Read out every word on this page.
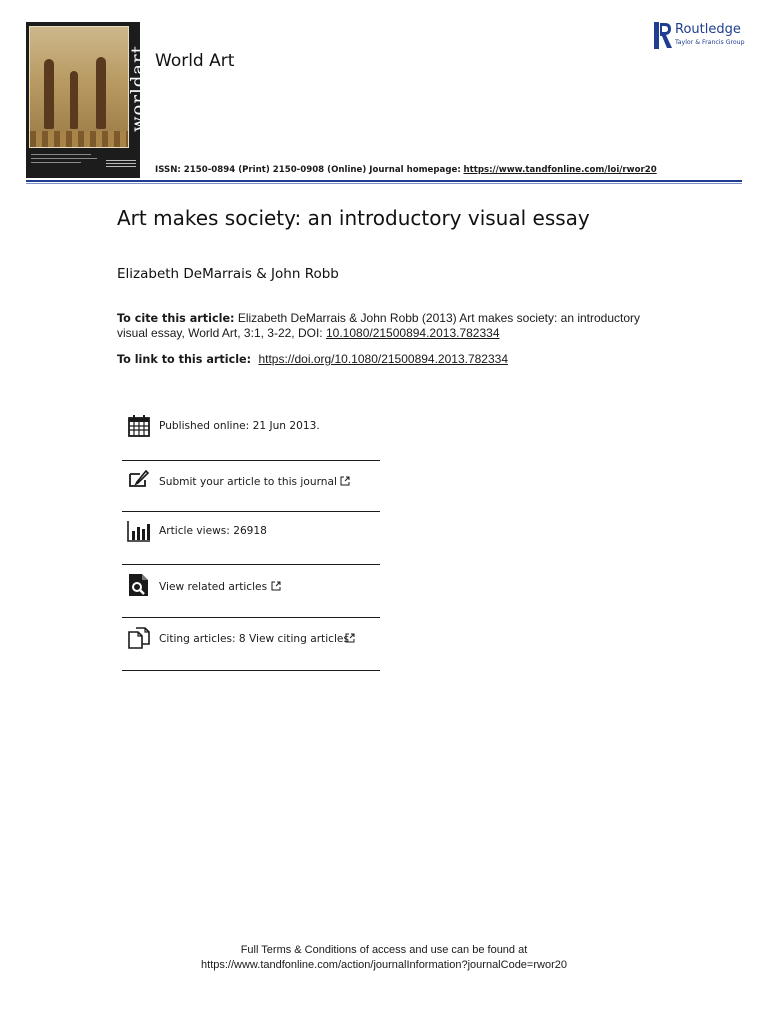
worldart World Art
Routledge
Taylor & Francis Group
ISSN: 2150-0894 (Print) 2150-0908 (Online) Journal homepage: https://www.tandfonline.com/loi/rwor20
Art makes society: an introductory visual essay
Elizabeth DeMarrais & John Robb
To cite this article: Elizabeth DeMarrais & John Robb (2013) Art makes society: an introductory visual essay, World Art, 3:1, 3-22, DOI: 10.1080/21500894.2013.782334
To link to this article: https://doi.org/10.1080/21500894.2013.782334
Published online: 21 Jun 2013.
Submit your article to this journal
Article views: 26918
View related articles
Citing articles: 8 View citing articles
Full Terms & Conditions of access and use can be found at
https://www.tandfonline.com/action/journalInformation?journalCode=rwor20
